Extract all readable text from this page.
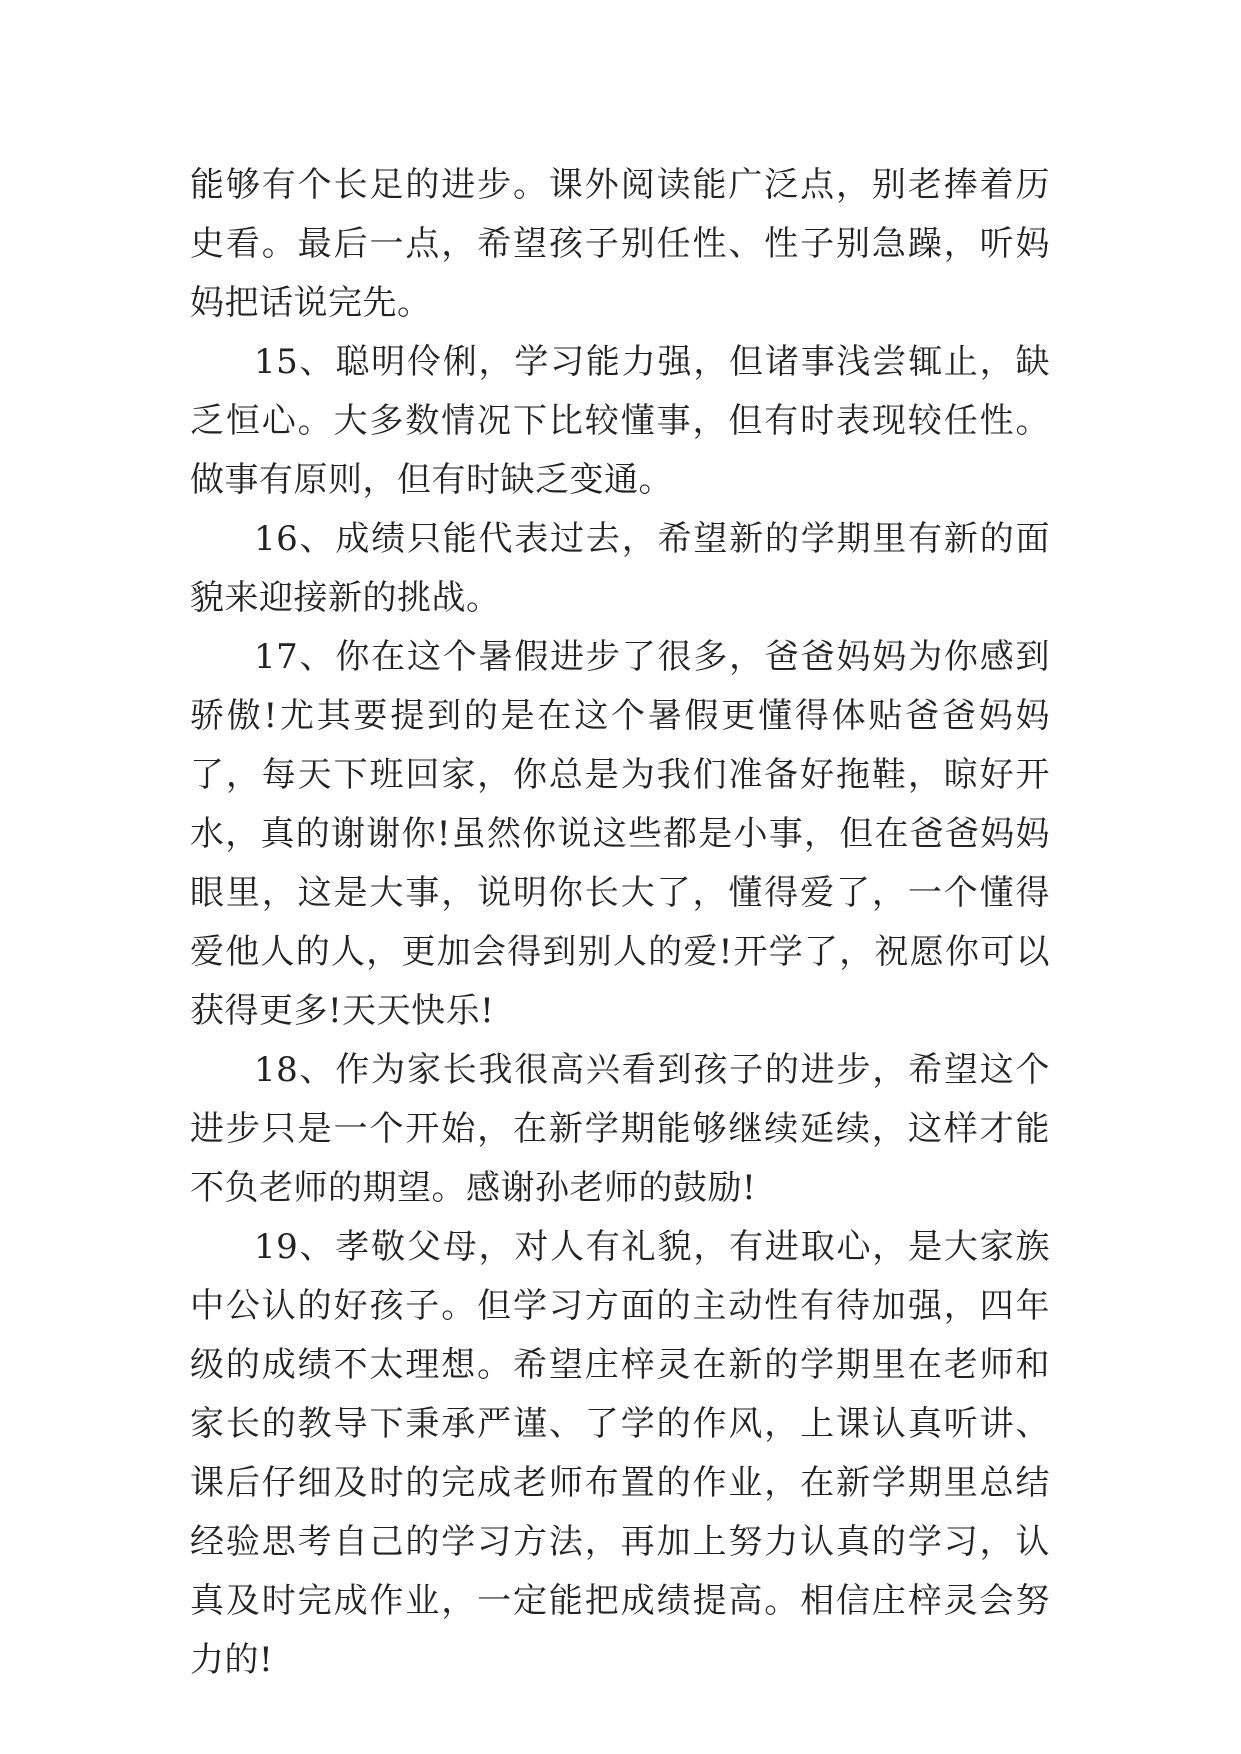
能够有个长足的进步。课外阅读能广泛点，别老捧着历史看。最后一点，希望孩子别任性、性子别急躁，听妈妈把话说完先。

15、聪明伶俐，学习能力强，但诸事浅尝辄止，缺乏恒心。大多数情况下比较懂事，但有时表现较任性。做事有原则，但有时缺乏变通。

16、成绩只能代表过去，希望新的学期里有新的面貌来迎接新的挑战。

17、你在这个暑假进步了很多，爸爸妈妈为你感到骄傲!尤其要提到的是在这个暑假更懂得体贴爸爸妈妈了，每天下班回家，你总是为我们准备好拖鞋，晾好开水，真的谢谢你!虽然你说这些都是小事，但在爸爸妈妈眼里，这是大事，说明你长大了，懂得爱了，一个懂得爱他人的人，更加会得到别人的爱!开学了，祝愿你可以获得更多!天天快乐!

18、作为家长我很高兴看到孩子的进步，希望这个进步只是一个开始，在新学期能够继续延续，这样才能不负老师的期望。感谢孙老师的鼓励!

19、孝敬父母，对人有礼貌，有进取心，是大家族中公认的好孩子。但学习方面的主动性有待加强，四年级的成绩不太理想。希望庄梓灵在新的学期里在老师和家长的教导下秉承严谨、了学的作风，上课认真听讲、课后仔细及时的完成老师布置的作业，在新学期里总结经验思考自己的学习方法，再加上努力认真的学习，认真及时完成作业，一定能把成绩提高。相信庄梓灵会努力的!
